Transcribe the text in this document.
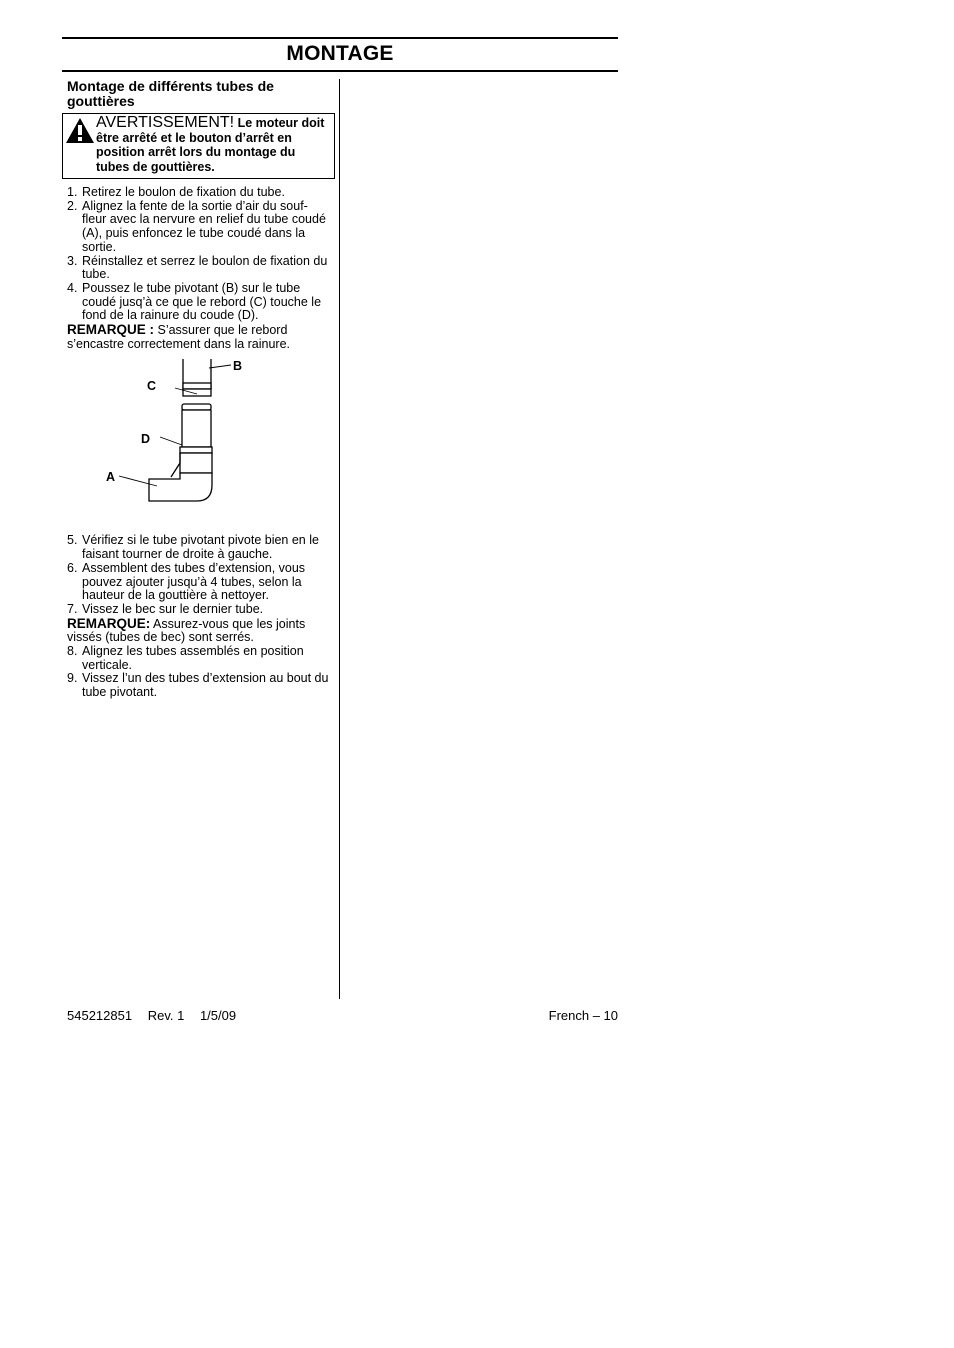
MONTAGE
Montage de différents tubes de gouttières
AVERTISSEMENT! Le moteur doit être arrêté et le bouton d’arrêt en position arrêt lors du montage du tubes de gouttières.
1. Retirez le boulon de fixation du tube.
2. Alignez la fente de la sortie d’air du souf- fleur avec la nervure en relief du tube coudé (A), puis enfoncez le tube coudé dans la sortie.
3. Réinstallez et serrez le boulon de fixation du tube.
4. Poussez le tube pivotant (B) sur le tube coudé jusq’à ce que le rebord (C) touche le fond de la rainure du coude (D).
REMARQUE : S’assurer que le rebord s’encastre correctement dans la rainure.
B
C
D
A
5. Vérifiez si le tube pivotant pivote bien en le faisant tourner de droite à gauche.
6. Assemblent des tubes d’extension, vous pouvez ajouter jusqu’à 4 tubes, selon la hauteur de la gouttière à nettoyer.
7. Vissez le bec sur le dernier tube.
REMARQUE: Assurez-vous que les joints vissés (tubes de bec) sont serrés.
8. Alignez les tubes assemblés en position verticale.
9. Vissez l’un des tubes d’extension au bout du tube pivotant.
545212851 Rev. 1 1/5/09	French – 10
